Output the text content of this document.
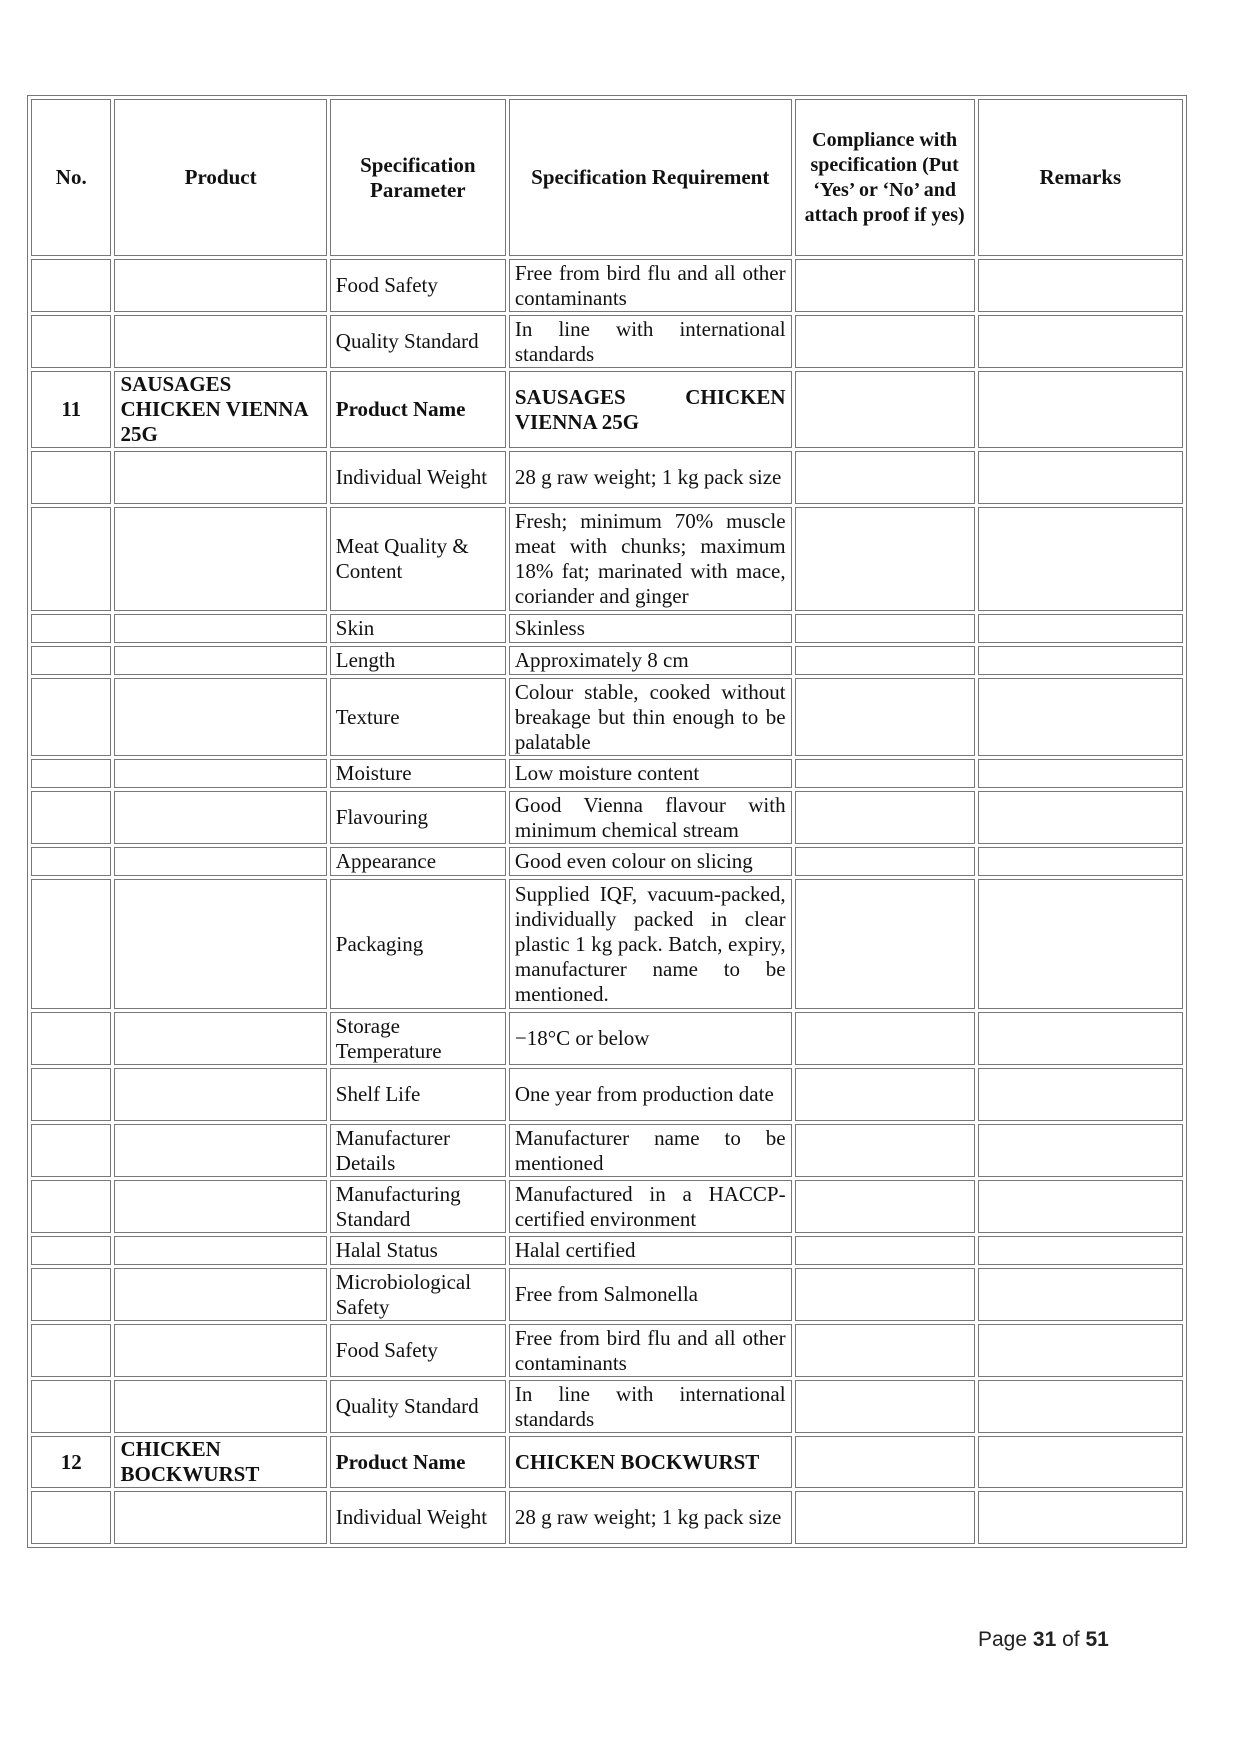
No.	Product	Specification Parameter	Specification Requirement	Compliance with specification (Put ‘Yes’ or ‘No’ and attach proof if yes)	Remarks
		Food Safety	Free from bird flu and all other contaminants		
		Quality Standard	In line with international standards		
11	SAUSAGES CHICKEN VIENNA 25G	Product Name	SAUSAGES CHICKEN VIENNA 25G		
		Individual Weight	28 g raw weight; 1 kg pack size		
		Meat Quality & Content	Fresh; minimum 70% muscle meat with chunks; maximum 18% fat; marinated with mace, coriander and ginger		
		Skin	Skinless		
		Length	Approximately 8 cm		
		Texture	Colour stable, cooked without breakage but thin enough to be palatable		
		Moisture	Low moisture content		
		Flavouring	Good Vienna flavour with minimum chemical stream		
		Appearance	Good even colour on slicing		
		Packaging	Supplied IQF, vacuum-packed, individually packed in clear plastic 1 kg pack. Batch, expiry, manufacturer name to be mentioned.		
		Storage Temperature	−18°C or below		
		Shelf Life	One year from production date		
		Manufacturer Details	Manufacturer name to be mentioned		
		Manufacturing Standard	Manufactured in a HACCP-certified environment		
		Halal Status	Halal certified		
		Microbiological Safety	Free from Salmonella		
		Food Safety	Free from bird flu and all other contaminants		
		Quality Standard	In line with international standards		
12	CHICKEN BOCKWURST	Product Name	CHICKEN BOCKWURST		
		Individual Weight	28 g raw weight; 1 kg pack size		
Page 31 of 51
